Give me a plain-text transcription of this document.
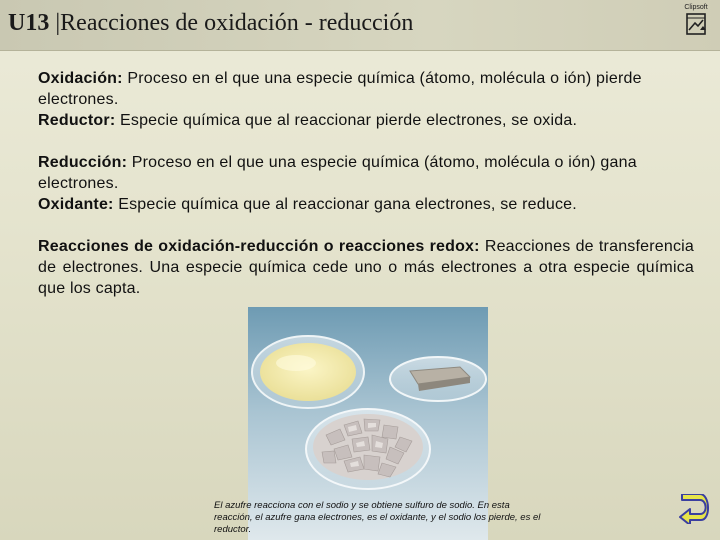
U13 |Reacciones de oxidación - reducción
Clipsoft

Oxidación: Proceso en el que una especie química (átomo, molécula o ión) pierde electrones.

Reductor: Especie química que al reaccionar pierde electrones, se oxida.

Reducción: Proceso en el que una especie química (átomo, molécula o ión) gana electrones.

Oxidante: Especie química que al reaccionar gana electrones, se reduce.

Reacciones de oxidación-reducción o reacciones redox: Reacciones de transferencia de electrones. Una especie química cede uno o más electrones a otra especie química que los capta.

El azufre reacciona con el sodio y se obtiene sulfuro de sodio. En esta reacción, el azufre gana electrones, es el oxidante, y el sodio los pierde, es el reductor.
